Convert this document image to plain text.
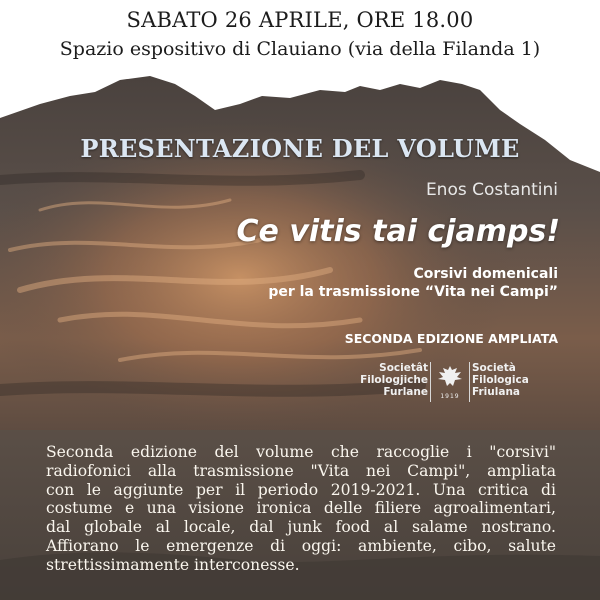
SABATO 26 APRILE, ORE 18.00
Spazio espositivo di Clauiano (via della Filanda 1)
PRESENTAZIONE DEL VOLUME
Enos Costantini
Ce vitis tai cjamps!
Corsivi domenicali
per la trasmissione “Vita nei Campi”
SECONDA EDIZIONE AMPLIATA
Societât
Filologjiche
Furlane	1919
Società
Filologica
Friulana
Seconda edizione del volume che raccoglie i "corsivi"
radiofonici alla trasmissione "Vita nei Campi", ampliata
con le aggiunte per il periodo 2019-2021. Una critica di
costume e una visione ironica delle filiere agroalimentari,
dal globale al locale, dal junk food al salame nostrano.
Affiorano le emergenze di oggi: ambiente, cibo, salute
strettissimamente interconesse.
